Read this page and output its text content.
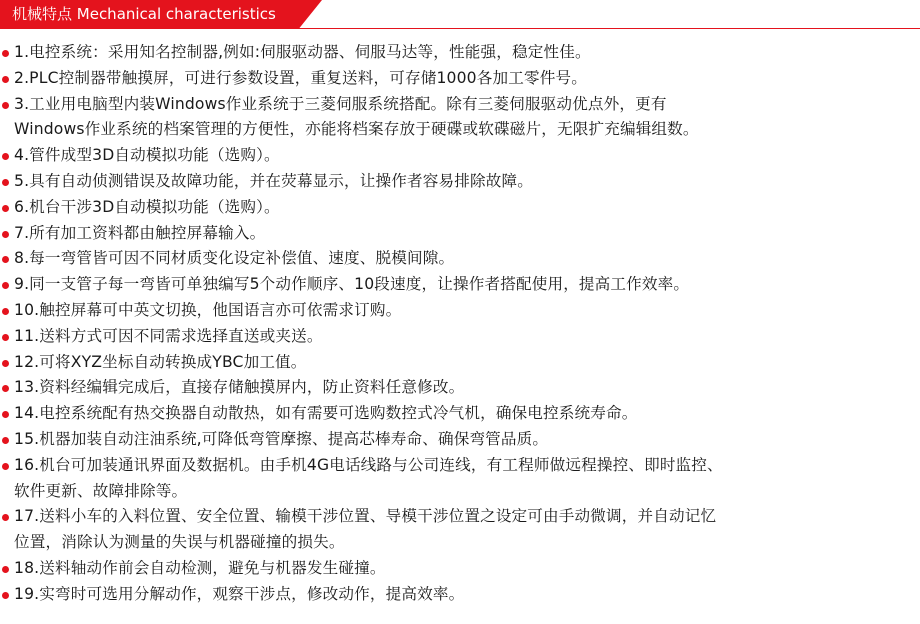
机械特点 Mechanical characteristics
1.电控系统：采用知名控制器,例如:伺服驱动器、伺服马达等，性能强，稳定性佳。
2.PLC控制器带触摸屏，可进行参数设置，重复送料，可存储1000各加工零件号。
3.工业用电脑型内装Windows作业系统于三菱伺服系统搭配。除有三菱伺服驱动优点外，更有
Windows作业系统的档案管理的方便性，亦能将档案存放于硬碟或软碟磁片，无限扩充编辑组数。
4.管件成型3D自动模拟功能（选购）。
5.具有自动侦测错误及故障功能，并在荧幕显示，让操作者容易排除故障。
6.机台干涉3D自动模拟功能（选购）。
7.所有加工资料都由触控屏幕输入。
8.每一弯管皆可因不同材质变化设定补偿值、速度、脱模间隙。
9.同一支管子每一弯皆可单独编写5个动作顺序、10段速度，让操作者搭配使用，提高工作效率。
10.触控屏幕可中英文切换，他国语言亦可依需求订购。
11.送料方式可因不同需求选择直送或夹送。
12.可将XYZ坐标自动转换成YBC加工值。
13.资料经编辑完成后，直接存储触摸屏内，防止资料任意修改。
14.电控系统配有热交换器自动散热，如有需要可选购数控式冷气机，确保电控系统寿命。
15.机器加装自动注油系统,可降低弯管摩擦、提高芯棒寿命、确保弯管品质。
16.机台可加装通讯界面及数据机。由手机4G电话线路与公司连线，有工程师做远程操控、即时监控、
软件更新、故障排除等。
17.送料小车的入料位置、安全位置、输模干涉位置、导模干涉位置之设定可由手动微调，并自动记忆
位置，消除认为测量的失误与机器碰撞的损失。
18.送料轴动作前会自动检测，避免与机器发生碰撞。
19.实弯时可选用分解动作，观察干涉点，修改动作，提高效率。
